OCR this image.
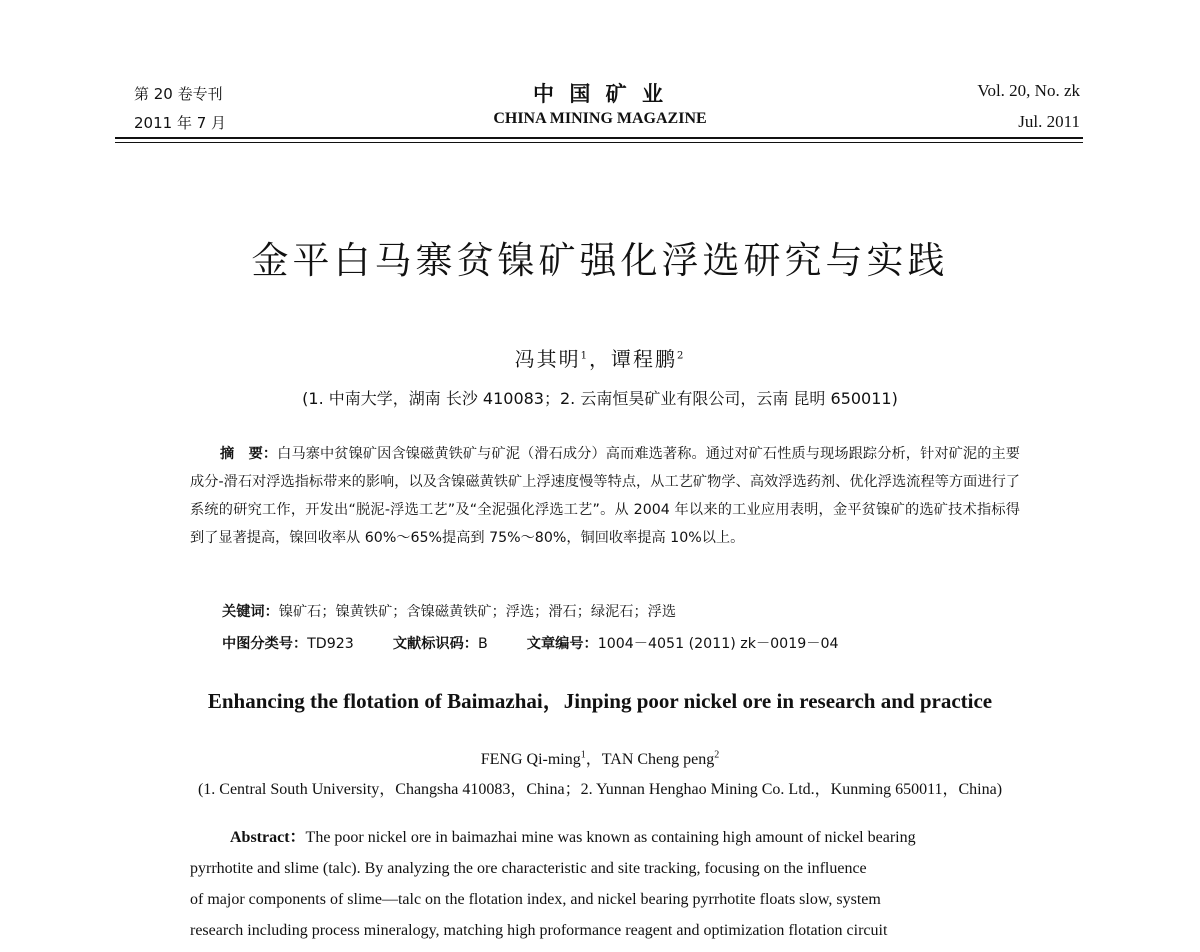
第 20 卷专刊
2011 年 7 月
中 国 矿 业
CHINA MINING MAGAZINE
Vol. 20, No. zk
Jul. 2011
金平白马寨贫镍矿强化浮选研究与实践
冯其明$^1$，谭程鹏$^2$
(1. 中南大学，湖南 长沙 410083；2. 云南恒昊矿业有限公司，云南 昆明 650011)
摘　要：白马寨中贫镍矿因含镍磁黄铁矿与矿泥（滑石成分）高而难选著称。通过对矿石性质与现场跟踪分析，针对矿泥的主要成分-滑石对浮选指标带来的影响，以及含镍磁黄铁矿上浮速度慢等特点，从工艺矿物学、高效浮选药剂、优化浮选流程等方面进行了系统的研究工作，开发出“脱泥-浮选工艺”及“全泥强化浮选工艺”。从 2004 年以来的工业应用表明，金平贫镍矿的选矿技术指标得到了显著提高，镍回收率从 60%～65%提高到 75%～80%，铜回收率提高 10%以上。
关键词：镍矿石；镍黄铁矿；含镍磁黄铁矿；浮选；滑石；绿泥石；浮选
中图分类号：TD923	文献标识码：B	文章编号：1004－4051 (2011) zk－0019－04
Enhancing the flotation of Baimazhai，Jinping poor nickel ore in research and practice
FENG Qi-ming$^1$，TAN Cheng peng$^2$
(1. Central South University，Changsha 410083，China；2. Yunnan Henghao Mining Co. Ltd.，Kunming 650011，China)
Abstract：The poor nickel ore in baimazhai mine was known as containing high amount of nickel bearing
pyrrhotite and slime (talc). By analyzing the ore characteristic and site tracking, focusing on the influence
of major components of slime—talc on the flotation index, and nickel bearing pyrrhotite floats slow, system
research including process mineralogy, matching high proformance reagent and optimization flotation circuit
